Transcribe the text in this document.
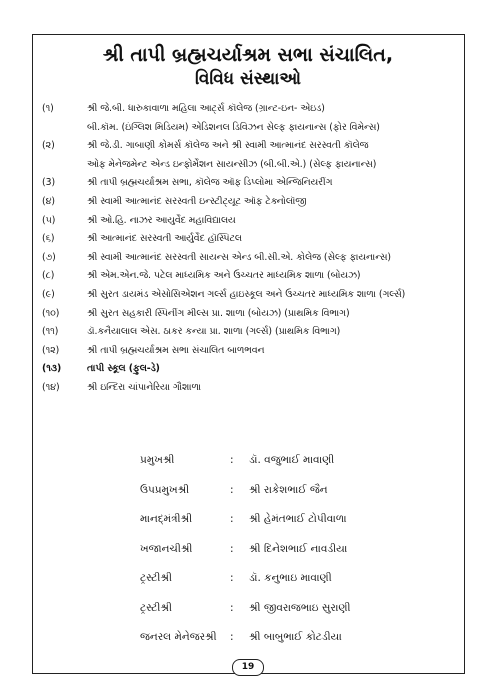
શ્રી તાપી બ્રહ્મચર્યાશ્રમ સભા સંચાલિત,
વિવિધ સંસ્થાઓ
(૧)	શ્રી જે.બી. ધારુકાવાળા મહિલા આર્ટ્સ કૉલેજ (ગ્રાન્ટ-ઇન- એઇડ)
બી.કૉમ. (ઇંગ્લિશ મિડિયમ) એડિશનલ ડિવિઝન સેલ્ફ ફાયનાન્સ (ફોર વિમેન્સ)
(૨)	શ્રી જે.ડી. ગાબાણી કોમર્સ કૉલેજ અને શ્રી સ્વામી આત્માનંદ સરસ્વતી કૉલેજ
ઓફ મેનેજમેન્ટ એન્ડ ઇન્ફોર્મેશન સાયન્સીઝ (બી.બી.એ.) (સેલ્ફ ફાયનાન્સ)
(3)	શ્રી તાપી બ્રહ્મચર્યાશ્રમ સભા, કૉલેજ ઑફ ડિપ્લોમા એન્જિનિયરીંગ
(૪)	શ્રી સ્વામી આત્માનંદ સરસ્વતી ઇન્સ્ટીટ્યૂટ ઑફ ટેક્નોલૉજી
(૫)	શ્રી ઓ.હિ. નાઝર આયુર્વેદ મહાવિદ્યાલય
(૬)	શ્રી આત્માનંદ સરસ્વતી આર્યુર્વેદ હૉસ્પિટલ
(૭)	શ્રી સ્વામી આત્માનંદ સરસ્વતી સાયન્સ એન્ડ બી.સી.એ. કોલેજ (સેલ્ફ ફાયનાન્સ)
(૮)	શ્રી એમ.એન.જે. પટેલ માધ્યમિક અને ઉચ્ચતર માધ્યમિક શાળા (બોયઝ)
(૯)	શ્રી સુરત ડાયમંડ એસોસિએશન ગર્લ્સ હાઇસ્કૂલ અને ઉચ્ચતર માધ્યમિક શાળા (ગર્લ્સ)
(૧૦)	શ્રી સુરત સહકારી સ્પિનીંગ મીલ્સ પ્રા. શાળા (બોયઝ) (પ્રાથમિક વિભાગ)
(૧૧)	ડૉ.કનૈયાલાલ એસ. ઠાકર કન્યા પ્રા. શાળા (ગર્લ્સ) (પ્રાથમિક વિભાગ)
(૧૨)	શ્રી તાપી બ્રહ્મચર્યાશ્રમ સભા સંચાલિત બાળભવન
(૧૩)	તાપી સ્કૂલ (ફુલ-ડે)
(૧૪)	શ્રી ઇન્દિરા ચાંપાનેરિયા ગૌશાળા
પ્રમુખશ્રી	: ડૉ. વજુભાઈ માવાણી
ઉપપ્રમુખશ્રી	: શ્રી રાકેશભાઈ જૈન
માનદ્‌મંત્રીશ્રી	: શ્રી હેમંતભાઈ ટોપીવાળા
ખજાનચીશ્રી	: શ્રી દિનેશભાઈ નાવડીયા
ટ્રસ્ટીશ્રી	: ડૉ. કનુભાઇ માવાણી
ટ્રસ્ટીશ્રી	: શ્રી જીવરાજભાઇ સુરાણી
જનરલ મેનેજરશ્રી : શ્રી બાબુભાઈ કોટડીયા
19
